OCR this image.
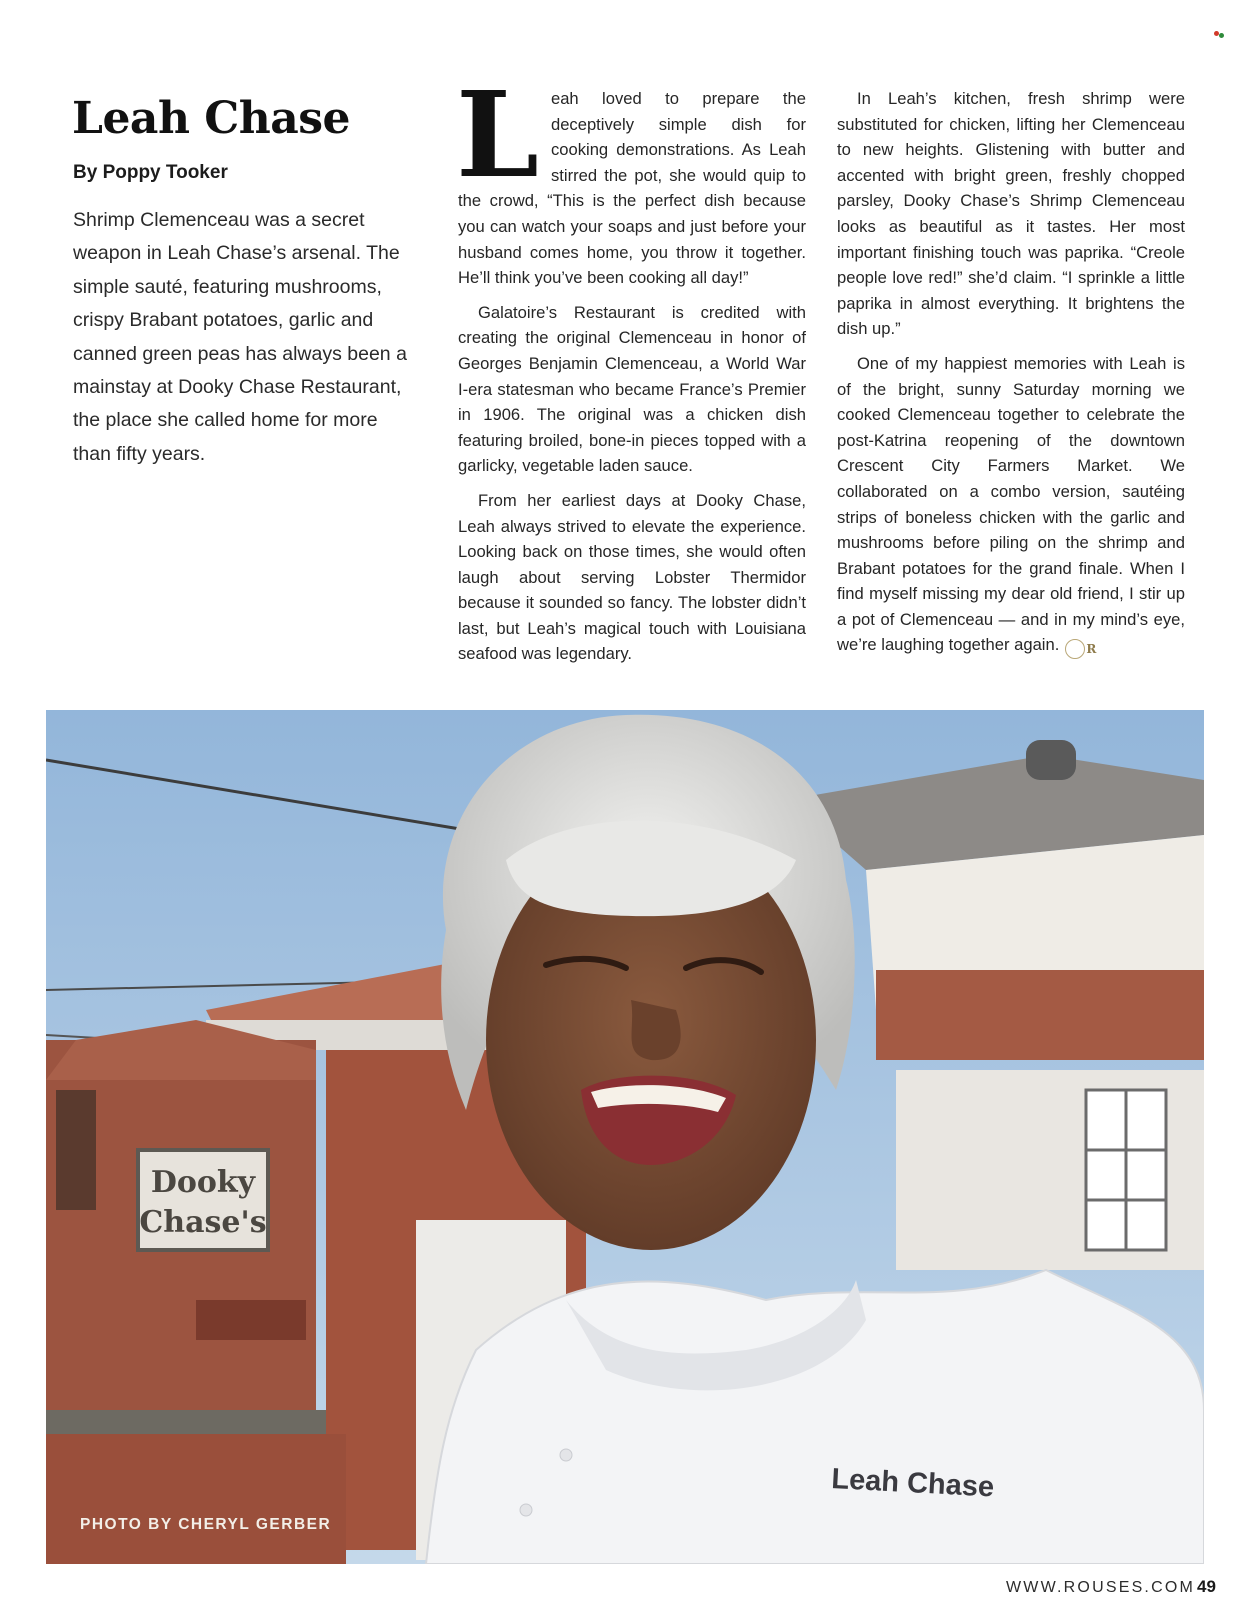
Leah Chase
By Poppy Tooker

Shrimp Clemenceau was a secret weapon in Leah Chase’s arsenal. The simple sauté, featuring mushrooms, crispy Brabant potatoes, garlic and canned green peas has always been a mainstay at Dooky Chase Restaurant, the place she called home for more than fifty years.

Leah loved to prepare the deceptively simple dish for cooking demonstrations. As Leah stirred the pot, she would quip to the crowd, “This is the perfect dish because you can watch your soaps and just before your husband comes home, you throw it together. He’ll think you’ve been cooking all day!”

Galatoire’s Restaurant is credited with creating the original Clemenceau in honor of Georges Benjamin Clemenceau, a World War I-era statesman who became France’s Premier in 1906. The original was a chicken dish featuring broiled, bone-in pieces topped with a garlicky, vegetable laden sauce.

From her earliest days at Dooky Chase, Leah always strived to elevate the experience. Looking back on those times, she would often laugh about serving Lobster Thermidor because it sounded so fancy. The lobster didn’t last, but Leah’s magical touch with Louisiana seafood was legendary.

In Leah’s kitchen, fresh shrimp were substituted for chicken, lifting her Clemenceau to new heights. Glistening with butter and accented with bright green, freshly chopped parsley, Dooky Chase’s Shrimp Clemenceau looks as beautiful as it tastes. Her most important finishing touch was paprika. “Creole people love red!” she’d claim. “I sprinkle a little paprika in almost everything. It brightens the dish up.”

One of my happiest memories with Leah is of the bright, sunny Saturday morning we cooked Clemenceau together to celebrate the post-Katrina reopening of the downtown Crescent City Farmers Market. We collaborated on a combo version, sautéing strips of boneless chicken with the garlic and mushrooms before piling on the shrimp and Brabant potatoes for the grand finale. When I find myself missing my dear old friend, I stir up a pot of Clemenceau — and in my mind’s eye, we’re laughing together again. R

Dooky
Chase's
Leah Chase
PHOTO BY CHERYL GERBER
WWW.ROUSES.COM 49
